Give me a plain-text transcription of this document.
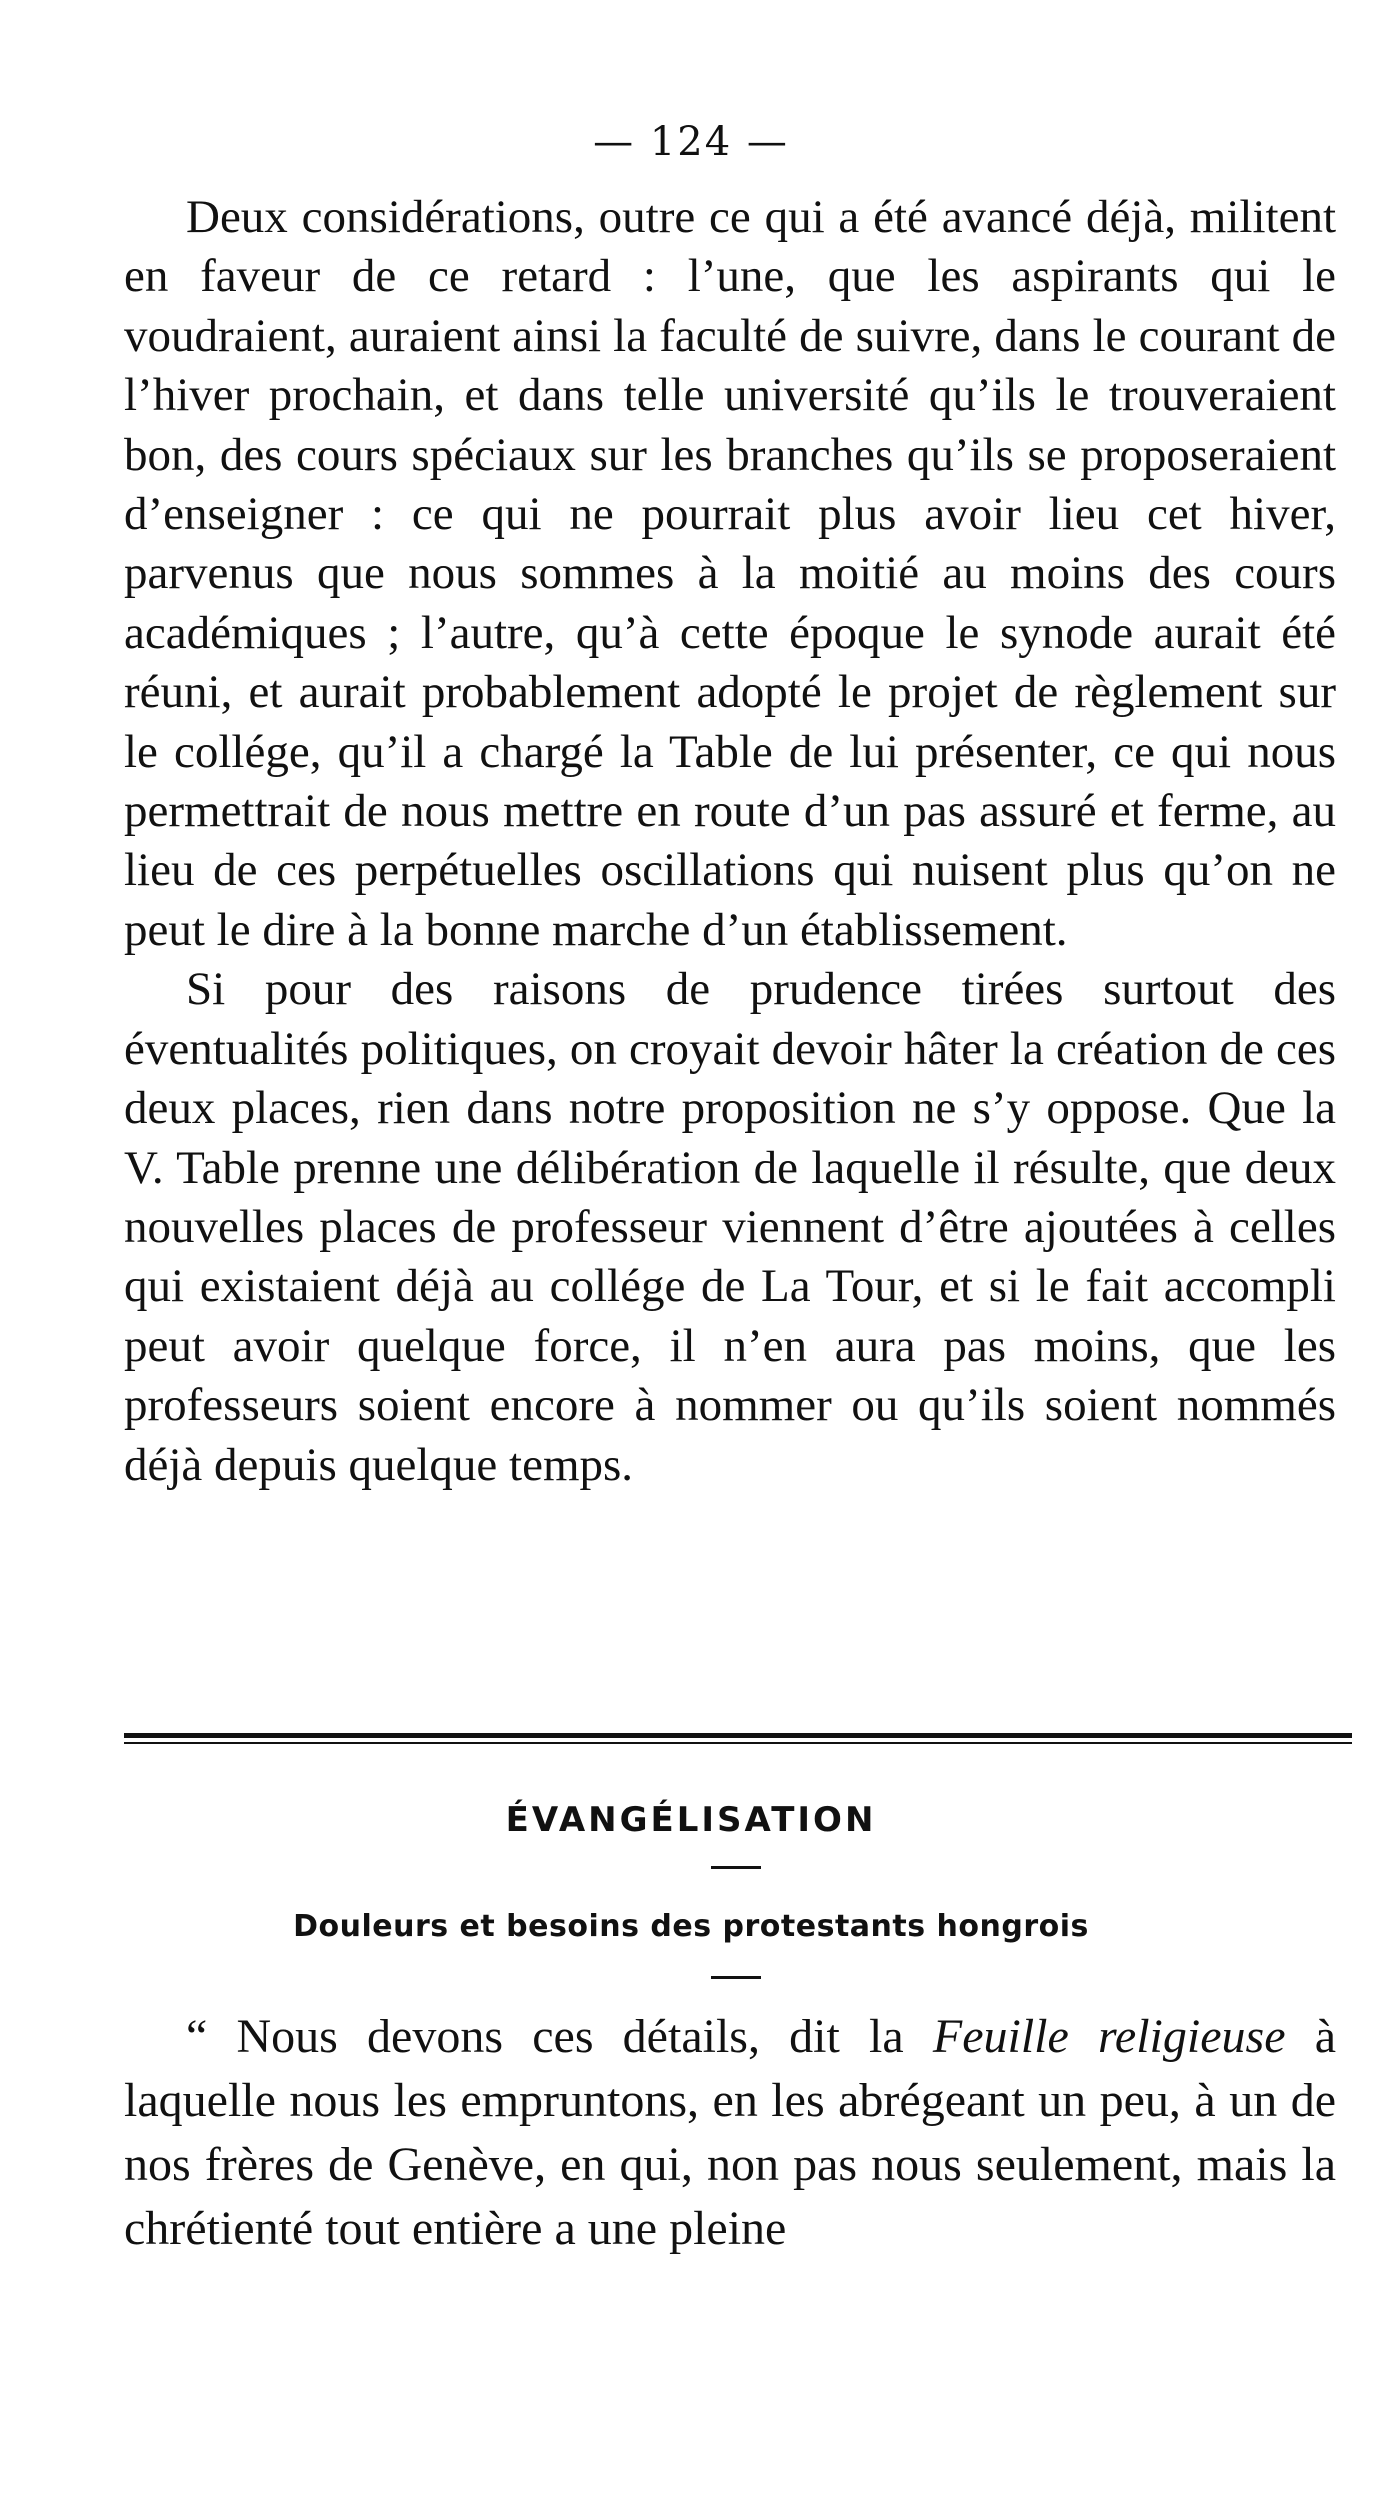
— 124 —

Deux considérations, outre ce qui a été avancé déjà, militent en faveur de ce retard : l’une, que les aspirants qui le voudraient, auraient ainsi la faculté de suivre, dans le courant de l’hiver prochain, et dans telle université qu’ils le trouveraient bon, des cours spéciaux sur les branches qu’ils se proposeraient d’enseigner : ce qui ne pourrait plus avoir lieu cet hiver, parvenus que nous sommes à la moitié au moins des cours académiques ; l’autre, qu’à cette époque le synode aurait été réuni, et aurait probablement adopté le projet de règlement sur le collége, qu’il a chargé la Table de lui présenter, ce qui nous permettrait de nous mettre en route d’un pas assuré et ferme, au lieu de ces perpétuelles oscillations qui nuisent plus qu’on ne peut le dire à la bonne marche d’un établissement.

Si pour des raisons de prudence tirées surtout des éventualités politiques, on croyait devoir hâter la création de ces deux places, rien dans notre proposition ne s’y oppose. Que la V. Table prenne une délibération de laquelle il résulte, que deux nouvelles places de professeur viennent d’être ajoutées à celles qui existaient déjà au collége de La Tour, et si le fait accompli peut avoir quelque force, il n’en aura pas moins, que les professeurs soient encore à nommer ou qu’ils soient nommés déjà depuis quelque temps.

ÉVANGÉLISATION
Douleurs et besoins des protestants hongrois

“ Nous devons ces détails, dit la Feuille religieuse à laquelle nous les empruntons, en les abrégeant un peu, à un de nos frères de Genève, en qui, non pas nous seulement, mais la chrétienté tout entière a une pleine
